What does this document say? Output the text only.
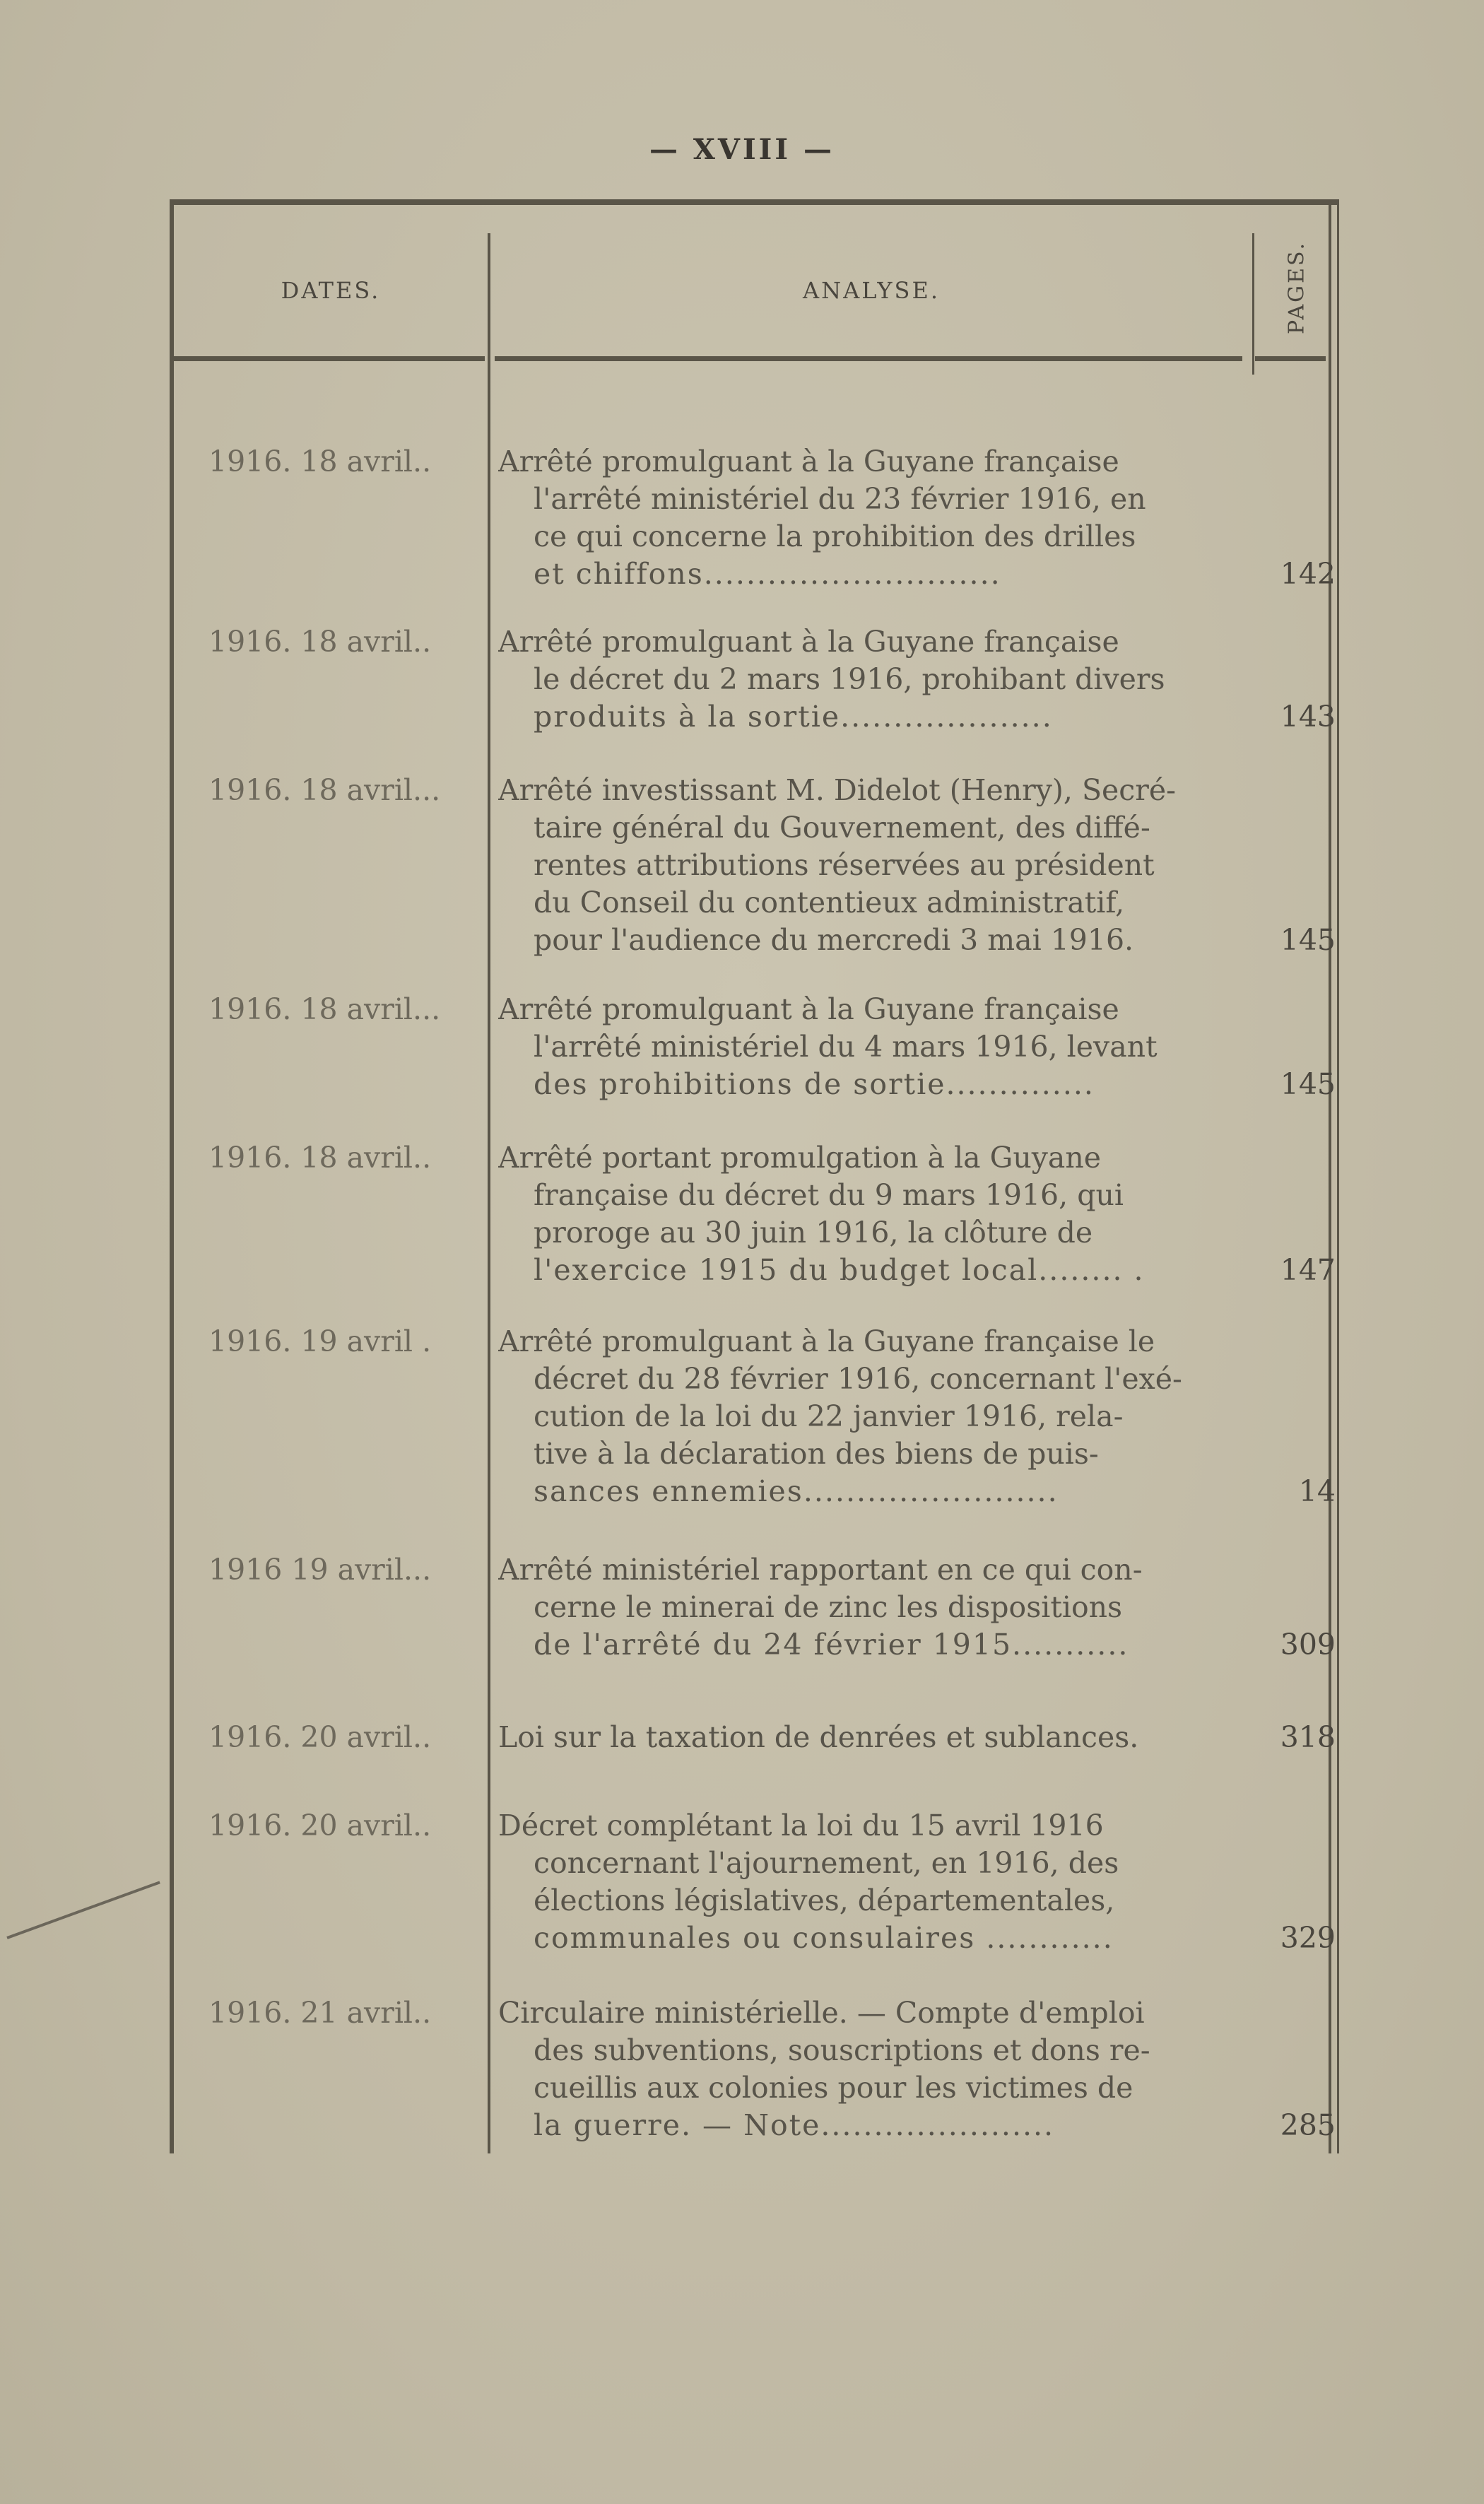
— XVIII —
DATES.	ANALYSE.	PAGES.
1916. 18 avril..	Arrêté promulguant à la Guyane française
l'arrêté ministériel du 23 février 1916, en
ce qui concerne la prohibition des drilles
et chiffons............................	142
1916. 18 avril..	Arrêté promulguant à la Guyane française
le décret du 2 mars 1916, prohibant divers
produits à la sortie....................	143
1916. 18 avril...	Arrêté investissant M. Didelot (Henry), Secré-
taire général du Gouvernement, des diffé-
rentes attributions réservées au président
du Conseil du contentieux administratif,
pour l'audience du mercredi 3 mai 1916.	145
1916. 18 avril...	Arrêté promulguant à la Guyane française
l'arrêté ministériel du 4 mars 1916, levant
des prohibitions de sortie..............	145
1916. 18 avril..	Arrêté portant promulgation à la Guyane
française du décret du 9 mars 1916, qui
proroge au 30 juin 1916, la clôture de
l'exercice 1915 du budget local........ .	147
1916. 19 avril .	Arrêté promulguant à la Guyane française le
décret du 28 février 1916, concernant l'exé-
cution de la loi du 22 janvier 1916, rela-
tive à la déclaration des biens de puis-
sances ennemies........................	14
1916 19 avril...	Arrêté ministériel rapportant en ce qui con-
cerne le minerai de zinc les dispositions
de l'arrêté du 24 février 1915...........	309
1916. 20 avril..	Loi sur la taxation de denrées et sublances.	318
1916. 20 avril..	Décret complétant la loi du 15 avril 1916
concernant l'ajournement, en 1916, des
élections législatives, départementales,
communales ou consulaires ............	329
1916. 21 avril..	Circulaire ministérielle. — Compte d'emploi
des subventions, souscriptions et dons re-
cueillis aux colonies pour les victimes de
la guerre. — Note......................	285
